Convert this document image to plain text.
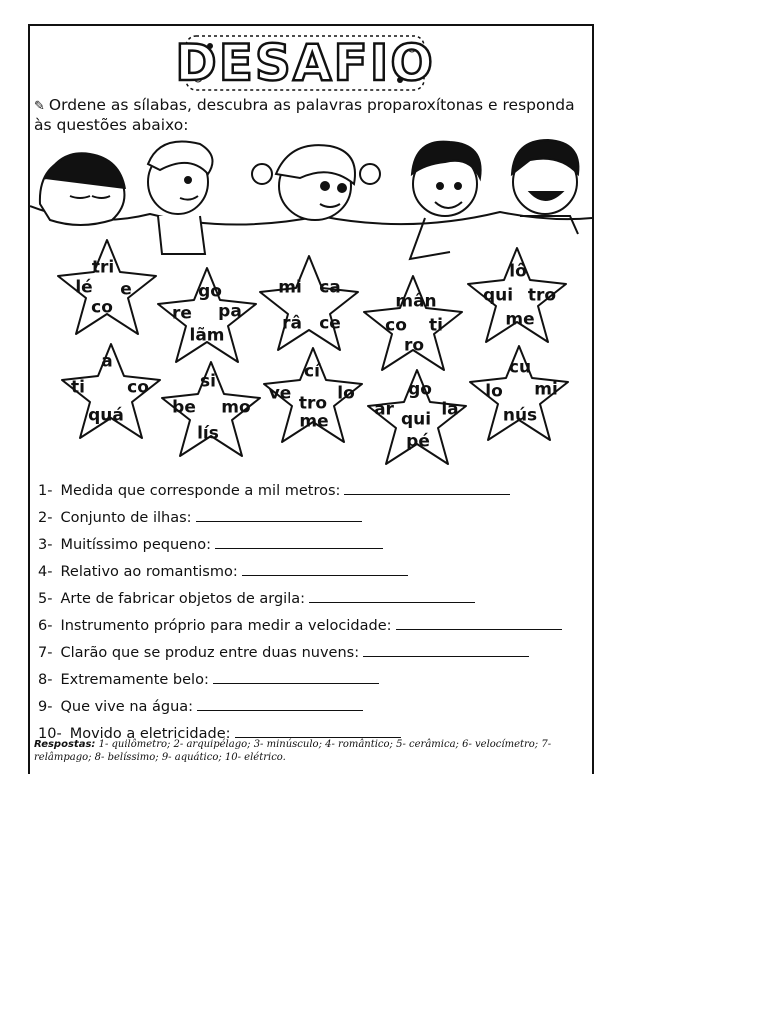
DESAFIO
✎ Ordene as sílabas, descubra as palavras proparoxítonas e responda às questões abaixo:
tri
lé e
co
go
re pa
lãm
mi ca
râ ce
mân
co ti
ro
lô
qui tro
me
a
ti co
quá
si
be mo
lís
cí
ve	lo
tro
me
go
ar qui la
pé
cu
lo mi
nús
1- Medida que corresponde a mil metros:
2- Conjunto de ilhas:
3- Muitíssimo pequeno:
4- Relativo ao romantismo:
5- Arte de fabricar objetos de argila:
6- Instrumento próprio para medir a velocidade:
7- Clarão que se produz entre duas nuvens:
8- Extremamente belo:
9- Que vive na água:
10- Movido a eletricidade:
Respostas: 1- quilômetro; 2- arquipélago; 3- minúsculo; 4- romântico; 5- cerâmica; 6- velocímetro; 7- relâmpago; 8- belíssimo; 9- aquático; 10- elétrico.
